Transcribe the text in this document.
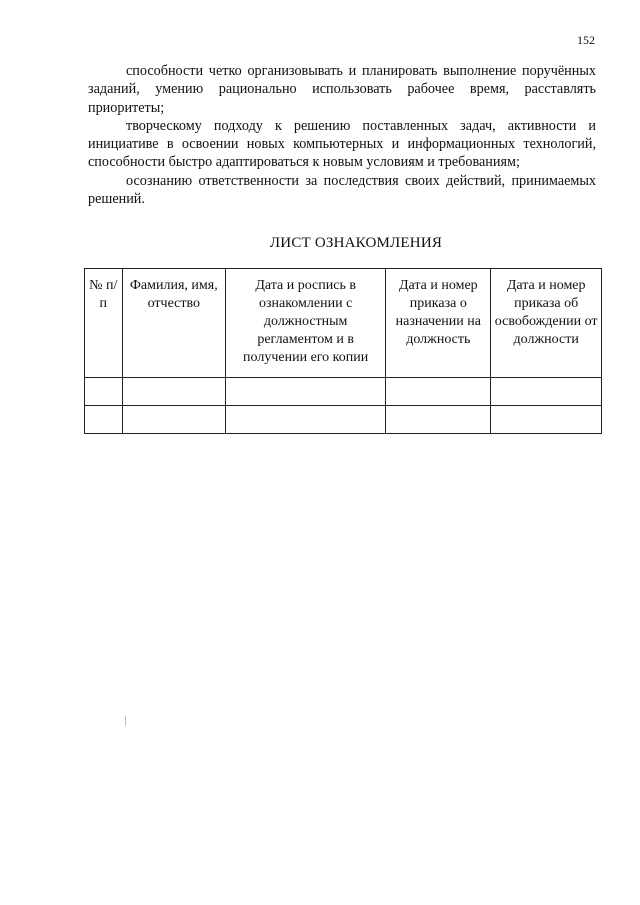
152

способности четко организовывать и планировать выполнение поручённых заданий, умению рационально использовать рабочее время, расставлять приоритеты;

творческому подходу к решению поставленных задач, активности и инициативе в освоении новых компьютерных и информационных технологий, способности быстро адаптироваться к новым условиям и требованиям;

осознанию ответственности за последствия своих действий, принимаемых решений.

ЛИСТ ОЗНАКОМЛЕНИЯ
№ п/п	Фамилия, имя, отчество	Дата и роспись в ознакомлении с должностным регламентом и в получении его копии	Дата и номер приказа о назначении на должность	Дата и номер приказа об освобождении от должности
